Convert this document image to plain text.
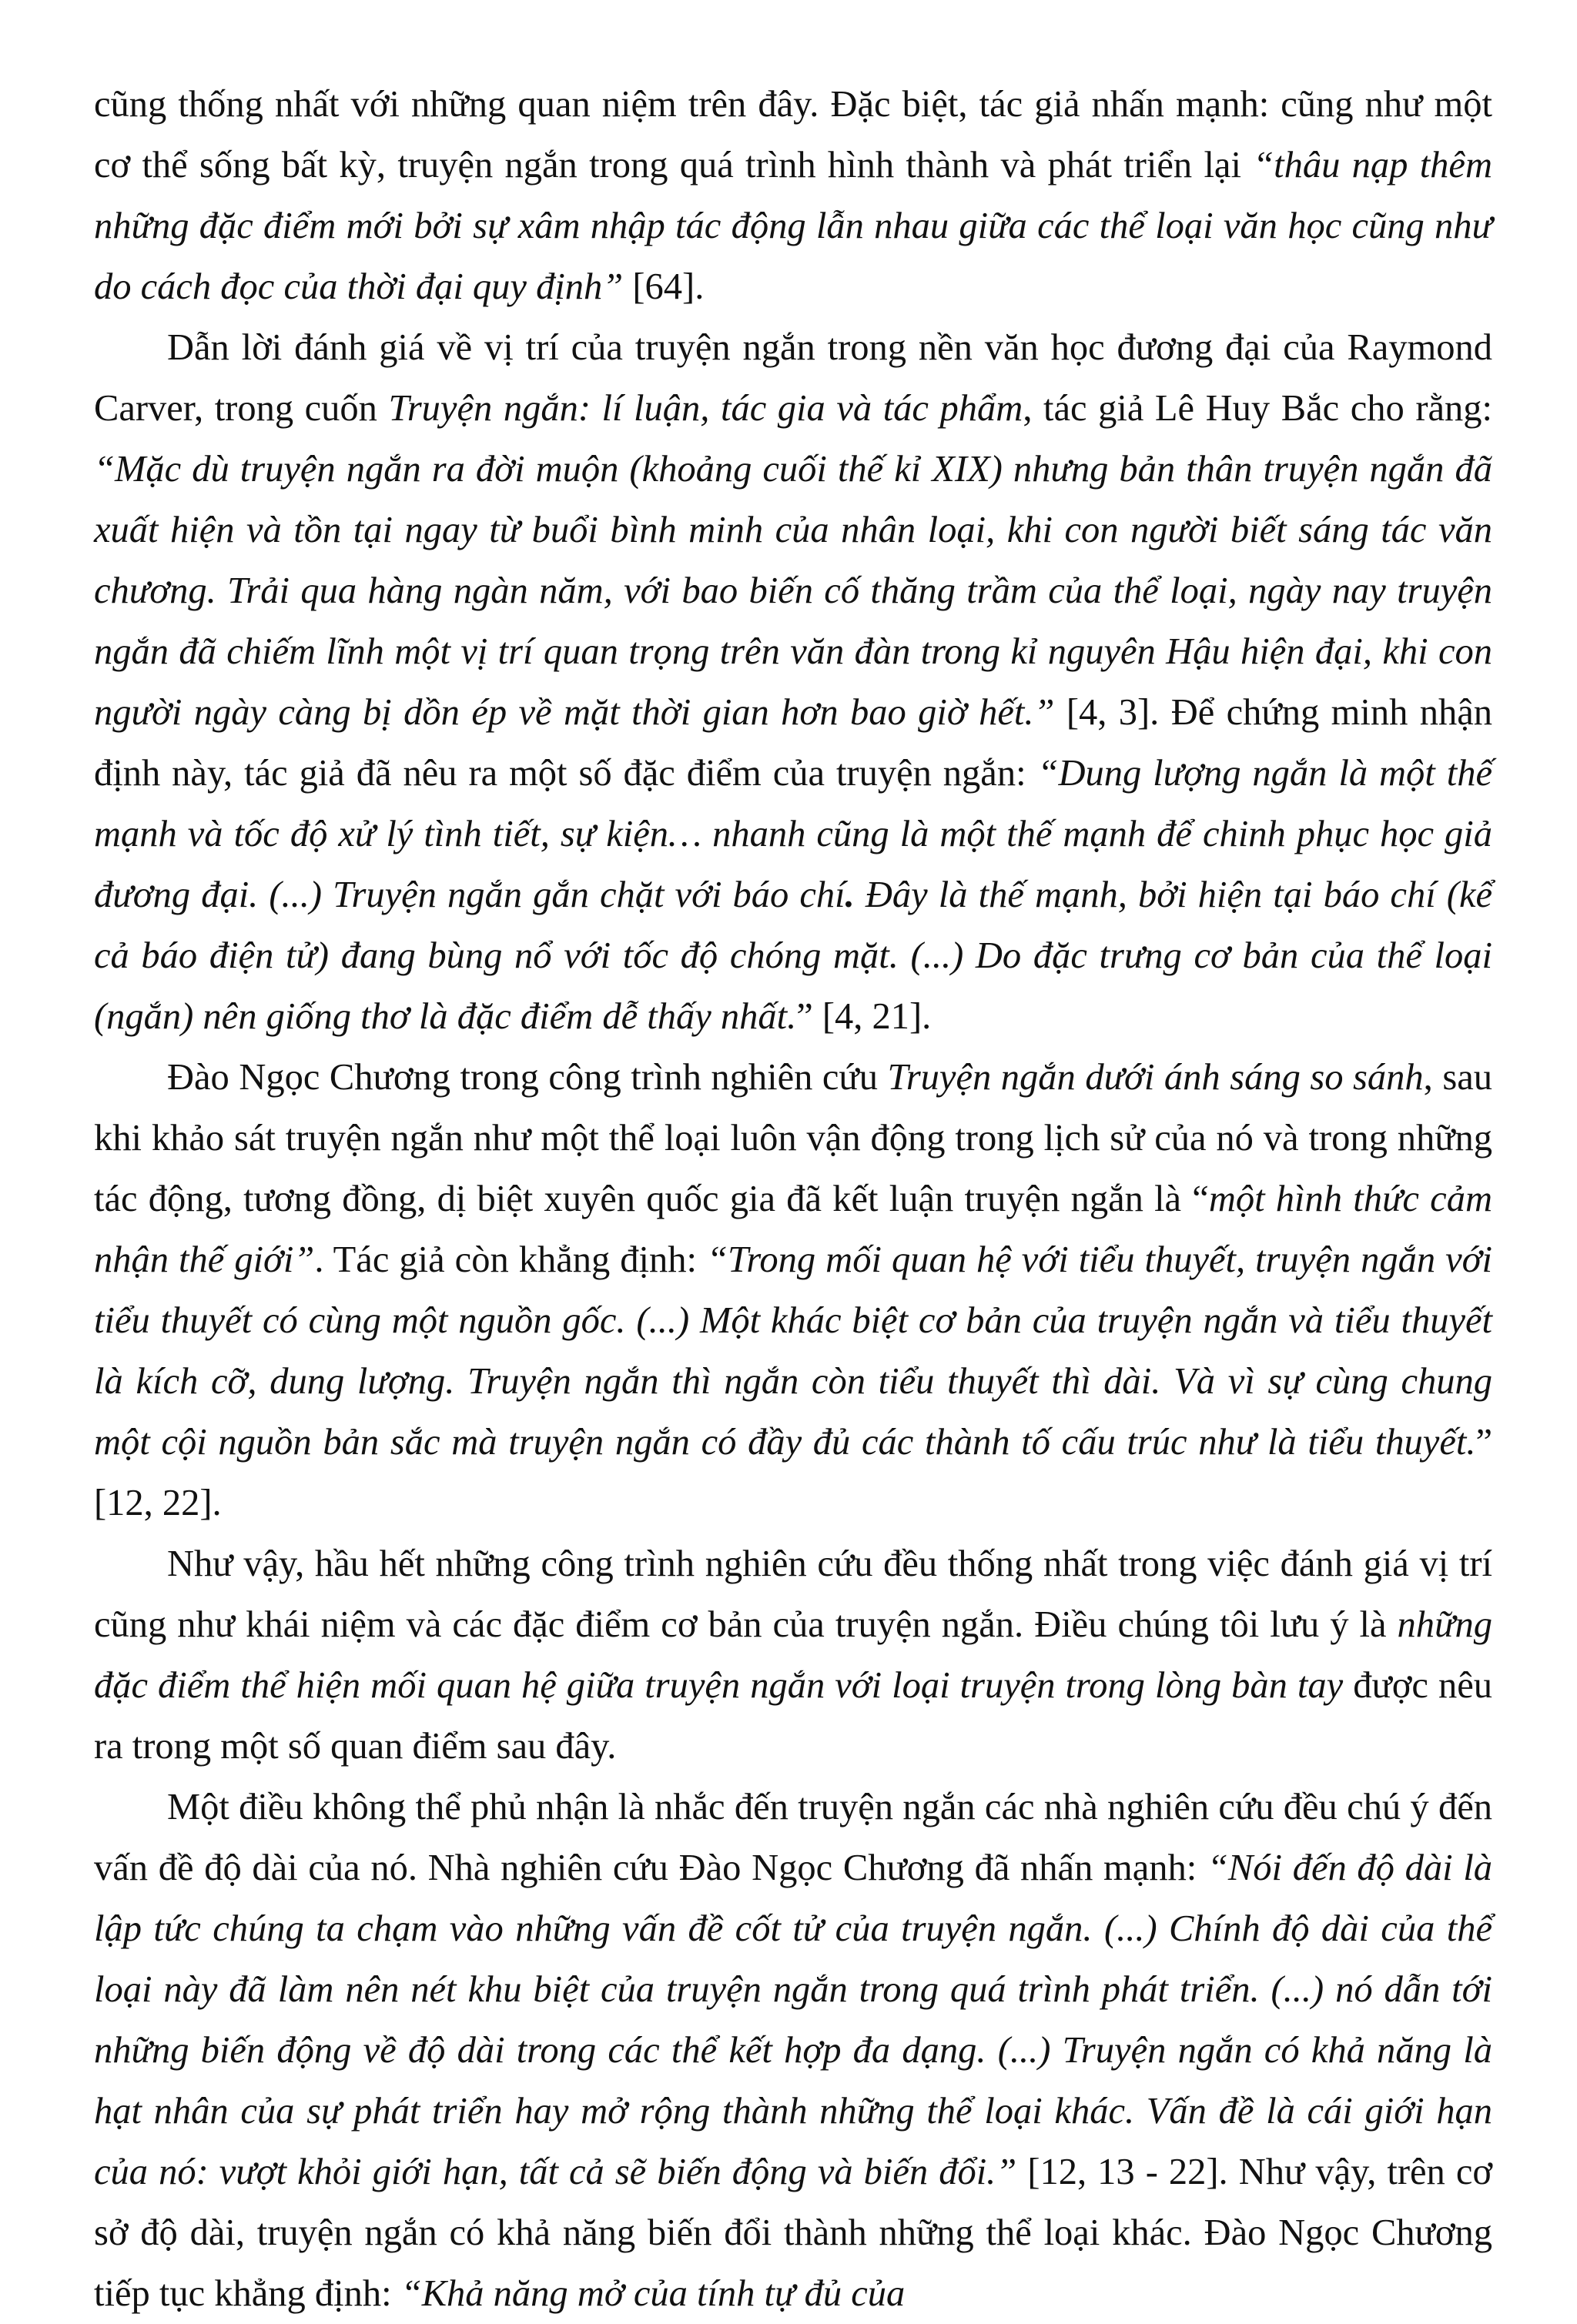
cũng thống nhất với những quan niệm trên đây. Đặc biệt, tác giả nhấn mạnh: cũng như một cơ thể sống bất kỳ, truyện ngắn trong quá trình hình thành và phát triển lại “thâu nạp thêm những đặc điểm mới bởi sự xâm nhập tác động lẫn nhau giữa các thể loại văn học cũng như do cách đọc của thời đại quy định” [64].

Dẫn lời đánh giá về vị trí của truyện ngắn trong nền văn học đương đại của Raymond Carver, trong cuốn Truyện ngắn: lí luận, tác gia và tác phẩm, tác giả Lê Huy Bắc cho rằng: “Mặc dù truyện ngắn ra đời muộn (khoảng cuối thế kỉ XIX) nhưng bản thân truyện ngắn đã xuất hiện và tồn tại ngay từ buổi bình minh của nhân loại, khi con người biết sáng tác văn chương. Trải qua hàng ngàn năm, với bao biến cố thăng trầm của thể loại, ngày nay truyện ngắn đã chiếm lĩnh một vị trí quan trọng trên văn đàn trong kỉ nguyên Hậu hiện đại, khi con người ngày càng bị dồn ép về mặt thời gian hơn bao giờ hết.” [4, 3]. Để chứng minh nhận định này, tác giả đã nêu ra một số đặc điểm của truyện ngắn: “Dung lượng ngắn là một thế mạnh và tốc độ xử lý tình tiết, sự kiện… nhanh cũng là một thế mạnh để chinh phục học giả đương đại. (...) Truyện ngắn gắn chặt với báo chí. Đây là thế mạnh, bởi hiện tại báo chí (kể cả báo điện tử) đang bùng nổ với tốc độ chóng mặt. (...) Do đặc trưng cơ bản của thể loại (ngắn) nên giống thơ là đặc điểm dễ thấy nhất.” [4, 21].

Đào Ngọc Chương trong công trình nghiên cứu Truyện ngắn dưới ánh sáng so sánh, sau khi khảo sát truyện ngắn như một thể loại luôn vận động trong lịch sử của nó và trong những tác động, tương đồng, dị biệt xuyên quốc gia đã kết luận truyện ngắn là “một hình thức cảm nhận thế giới”. Tác giả còn khẳng định: “Trong mối quan hệ với tiểu thuyết, truyện ngắn với tiểu thuyết có cùng một nguồn gốc. (...) Một khác biệt cơ bản của truyện ngắn và tiểu thuyết là kích cỡ, dung lượng. Truyện ngắn thì ngắn còn tiểu thuyết thì dài. Và vì sự cùng chung một cội nguồn bản sắc mà truyện ngắn có đầy đủ các thành tố cấu trúc như là tiểu thuyết.” [12, 22].

Như vậy, hầu hết những công trình nghiên cứu đều thống nhất trong việc đánh giá vị trí cũng như khái niệm và các đặc điểm cơ bản của truyện ngắn. Điều chúng tôi lưu ý là những đặc điểm thể hiện mối quan hệ giữa truyện ngắn với loại truyện trong lòng bàn tay được nêu ra trong một số quan điểm sau đây.

Một điều không thể phủ nhận là nhắc đến truyện ngắn các nhà nghiên cứu đều chú ý đến vấn đề độ dài của nó. Nhà nghiên cứu Đào Ngọc Chương đã nhấn mạnh: “Nói đến độ dài là lập tức chúng ta chạm vào những vấn đề cốt tử của truyện ngắn. (...) Chính độ dài của thể loại này đã làm nên nét khu biệt của truyện ngắn trong quá trình phát triển. (...) nó dẫn tới những biến động về độ dài trong các thể kết hợp đa dạng. (...) Truyện ngắn có khả năng là hạt nhân của sự phát triển hay mở rộng thành những thể loại khác. Vấn đề là cái giới hạn của nó: vượt khỏi giới hạn, tất cả sẽ biến động và biến đổi.” [12, 13 - 22]. Như vậy, trên cơ sở độ dài, truyện ngắn có khả năng biến đổi thành những thể loại khác. Đào Ngọc Chương tiếp tục khẳng định: “Khả năng mở của tính tự đủ của
